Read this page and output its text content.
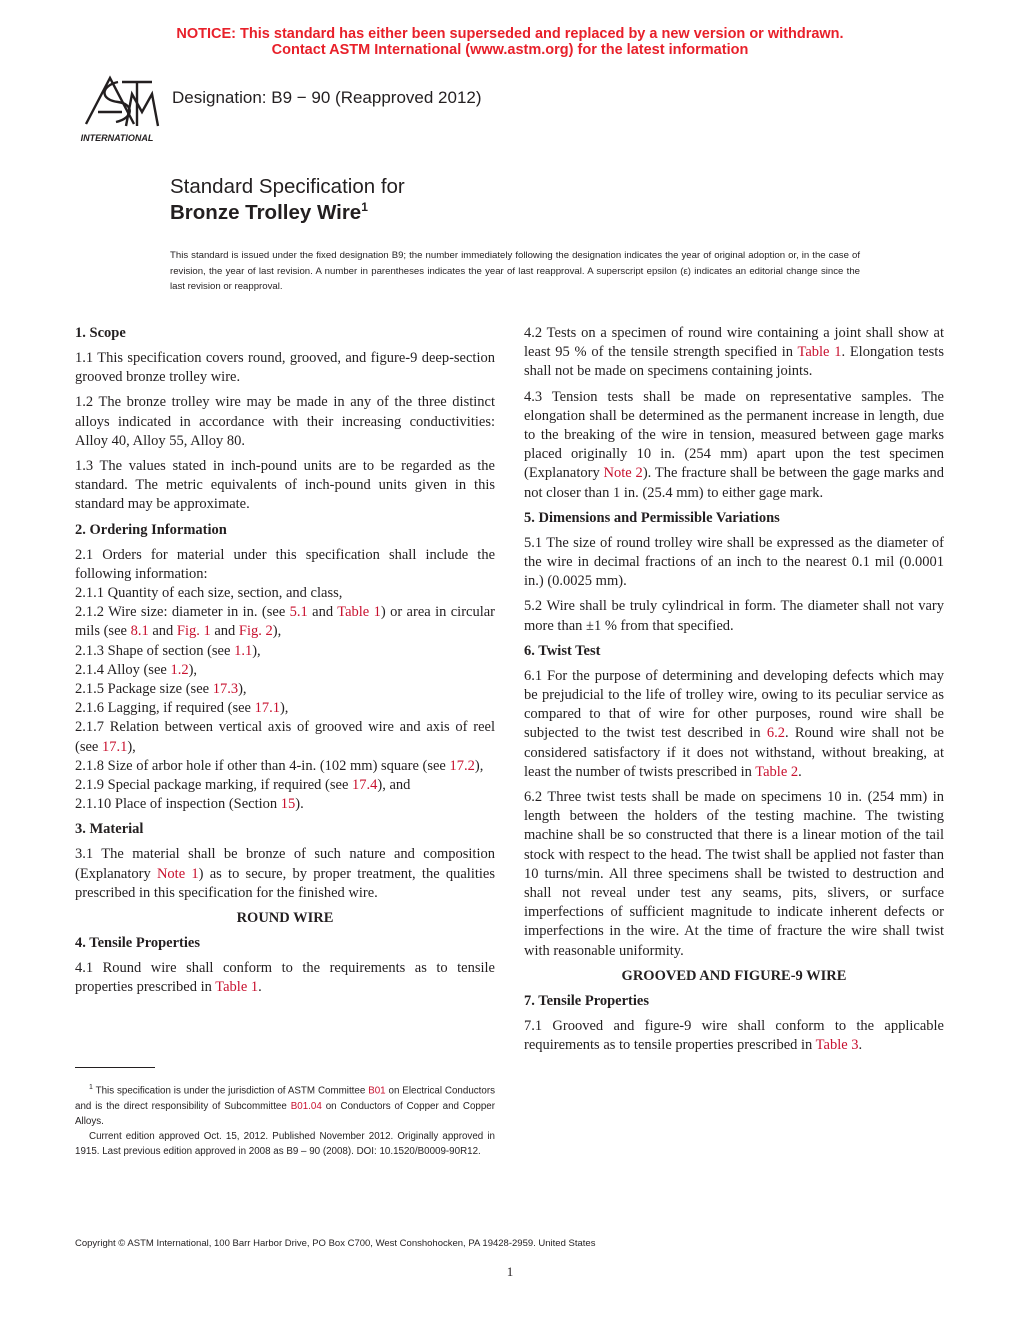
NOTICE: This standard has either been superseded and replaced by a new version or withdrawn.
Contact ASTM International (www.astm.org) for the latest information
INTERNATIONAL
Designation: B9 − 90 (Reapproved 2012)
Standard Specification for
Bronze Trolley Wire$^1$
This standard is issued under the fixed designation B9; the number immediately following the designation indicates the year of original adoption or, in the case of revision, the year of last revision. A number in parentheses indicates the year of last reapproval. A superscript epsilon (ε) indicates an editorial change since the last revision or reapproval.
1. Scope

1.1 This specification covers round, grooved, and figure-9 deep-section grooved bronze trolley wire.

1.2 The bronze trolley wire may be made in any of the three distinct alloys indicated in accordance with their increasing conductivities: Alloy 40, Alloy 55, Alloy 80.

1.3 The values stated in inch-pound units are to be regarded as the standard. The metric equivalents of inch-pound units given in this standard may be approximate.

2. Ordering Information

2.1 Orders for material under this specification shall include the following information:

2.1.1 Quantity of each size, section, and class,
2.1.2 Wire size: diameter in in. (see 5.1 and Table 1) or area in circular mils (see 8.1 and Fig. 1 and Fig. 2),
2.1.3 Shape of section (see 1.1),
2.1.4 Alloy (see 1.2),
2.1.5 Package size (see 17.3),
2.1.6 Lagging, if required (see 17.1),
2.1.7 Relation between vertical axis of grooved wire and axis of reel (see 17.1),
2.1.8 Size of arbor hole if other than 4-in. (102 mm) square (see 17.2),
2.1.9 Special package marking, if required (see 17.4), and
2.1.10 Place of inspection (Section 15).
3. Material

3.1 The material shall be bronze of such nature and composition (Explanatory Note 1) as to secure, by proper treatment, the qualities prescribed in this specification for the finished wire.

ROUND WIRE
4. Tensile Properties

4.1 Round wire shall conform to the requirements as to tensile properties prescribed in Table 1.

4.2 Tests on a specimen of round wire containing a joint shall show at least 95 % of the tensile strength specified in Table 1. Elongation tests shall not be made on specimens containing joints.

4.3 Tension tests shall be made on representative samples. The elongation shall be determined as the permanent increase in length, due to the breaking of the wire in tension, measured between gage marks placed originally 10 in. (254 mm) apart upon the test specimen (Explanatory Note 2). The fracture shall be between the gage marks and not closer than 1 in. (25.4 mm) to either gage mark.

5. Dimensions and Permissible Variations

5.1 The size of round trolley wire shall be expressed as the diameter of the wire in decimal fractions of an inch to the nearest 0.1 mil (0.0001 in.) (0.0025 mm).

5.2 Wire shall be truly cylindrical in form. The diameter shall not vary more than ±1 % from that specified.

6. Twist Test

6.1 For the purpose of determining and developing defects which may be prejudicial to the life of trolley wire, owing to its peculiar service as compared to that of wire for other purposes, round wire shall be subjected to the twist test described in 6.2. Round wire shall not be considered satisfactory if it does not withstand, without breaking, at least the number of twists prescribed in Table 2.

6.2 Three twist tests shall be made on specimens 10 in. (254 mm) in length between the holders of the testing machine. The twisting machine shall be so constructed that there is a linear motion of the tail stock with respect to the head. The twist shall be applied not faster than 10 turns/min. All three specimens shall be twisted to destruction and shall not reveal under test any seams, pits, slivers, or surface imperfections of sufficient magnitude to indicate inherent defects or imperfections in the wire. At the time of fracture the wire shall twist with reasonable uniformity.

GROOVED AND FIGURE-9 WIRE
7. Tensile Properties

7.1 Grooved and figure-9 wire shall conform to the applicable requirements as to tensile properties prescribed in Table 3.

$^1$ This specification is under the jurisdiction of ASTM Committee B01 on Electrical Conductors and is the direct responsibility of Subcommittee B01.04 on Conductors of Copper and Copper Alloys.
Current edition approved Oct. 15, 2012. Published November 2012. Originally approved in 1915. Last previous edition approved in 2008 as B9 – 90 (2008). DOI: 10.1520/B0009-90R12.
Copyright © ASTM International, 100 Barr Harbor Drive, PO Box C700, West Conshohocken, PA 19428-2959. United States
1
